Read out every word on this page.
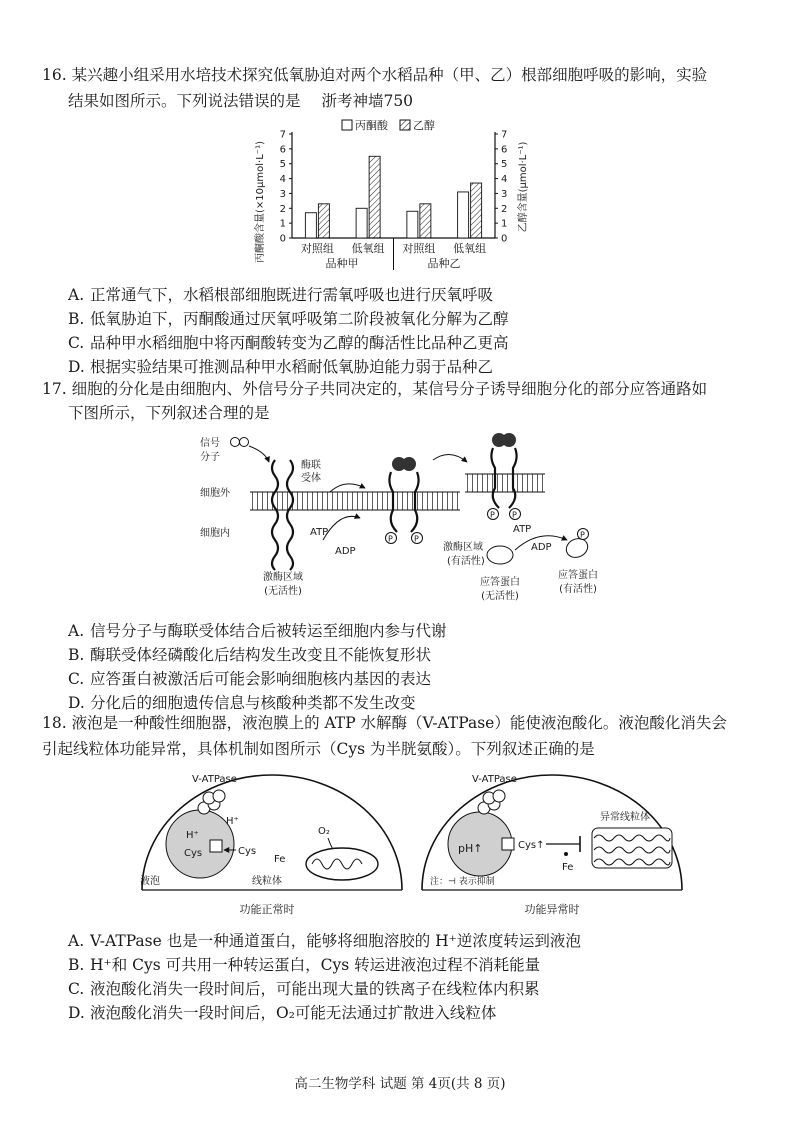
16. 某兴趣小组采用水培技术探究低氧胁迫对两个水稻品种（甲、乙）根部细胞呼吸的影响，实验
结果如图所示。下列说法错误的是 浙考神墙750
丙酮酸含量(×10μmol·L⁻¹)	乙醇含量(μmol·L⁻¹)
0
1
2
3
4
5
6
7
0
1
2
3
4
5
6
7
丙酮酸 乙醇
对照组 低氧组 对照组 低氧组
品种甲	品种乙
A. 正常通气下，水稻根部细胞既进行需氧呼吸也进行厌氧呼吸
B. 低氧胁迫下，丙酮酸通过厌氧呼吸第二阶段被氧化分解为乙醇
C. 品种甲水稻细胞中将丙酮酸转变为乙醇的酶活性比品种乙更高
D. 根据实验结果可推测品种甲水稻耐低氧胁迫能力弱于品种乙
17. 细胞的分化是由细胞内、外信号分子共同决定的，某信号分子诱导细胞分化的部分应答通路如
下图所示，下列叙述合理的是
信号
分子
酶联
受体
细胞外
细胞内
激酶区域
(无活性)
ATP
ADP
P	P
激酶区域
(有活性)
P P
ATP
ADP
P
应答蛋白
(无活性)
应答蛋白
(有活性)
A. 信号分子与酶联受体结合后被转运至细胞内参与代谢
B. 酶联受体经磷酸化后结构发生改变且不能恢复形状
C. 应答蛋白被激活后可能会影响细胞核内基因的表达
D. 分化后的细胞遗传信息与核酸种类都不发生改变
18. 液泡是一种酸性细胞器，液泡膜上的 ATP 水解酶（V-ATPase）能使液泡酸化。液泡酸化消失会
引起线粒体功能异常，具体机制如图所示（Cys 为半胱氨酸）。下列叙述正确的是
V-ATPase
H⁺
H⁺
Cys	Cys
液泡
Fe
O₂
线粒体
功能正常时
V-ATPase
pH↑	Cys↑
异常线粒体
Fe
注：⊣ 表示抑制
功能异常时
A. V-ATPase 也是一种通道蛋白，能够将细胞溶胶的 H⁺逆浓度转运到液泡
B. H⁺和 Cys 可共用一种转运蛋白，Cys 转运进液泡过程不消耗能量
C. 液泡酸化消失一段时间后，可能出现大量的铁离子在线粒体内积累
D. 液泡酸化消失一段时间后，O₂可能无法通过扩散进入线粒体
高二生物学科 试题 第 4页(共 8 页)
